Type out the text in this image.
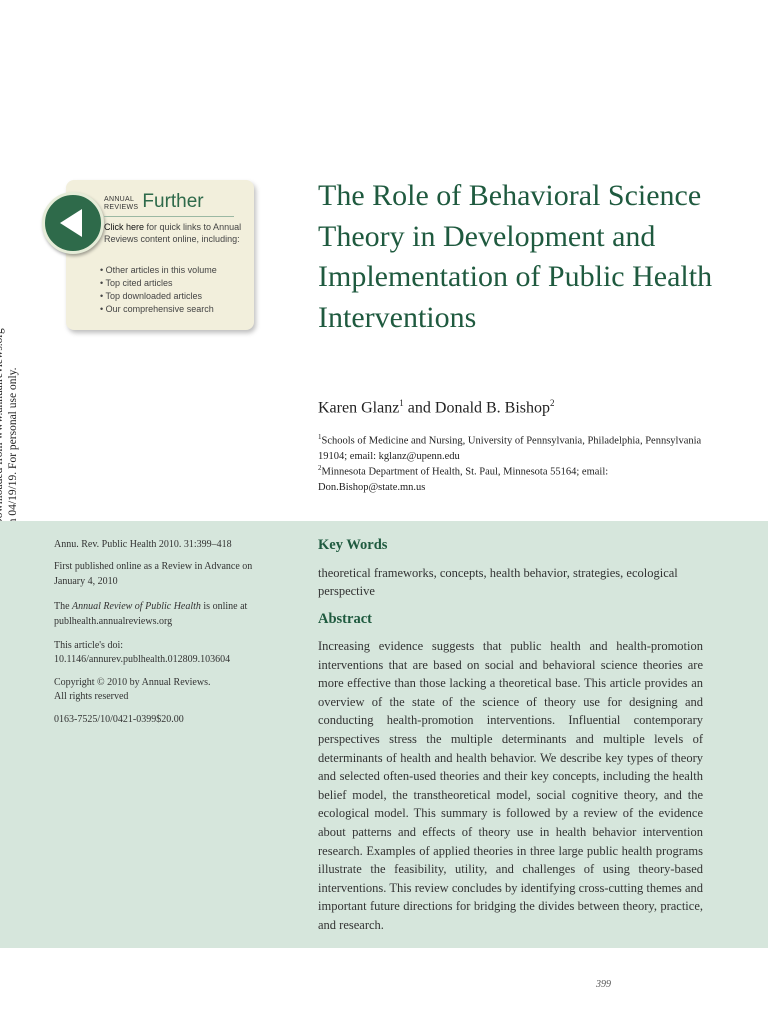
ANNUAL
REVIEWS Further
Click here for quick links to Annual Reviews content online, including:
• Other articles in this volume
• Top cited articles
• Top downloaded articles
• Our comprehensive search
The Role of Behavioral Science Theory in Development and Implementation of Public Health Interventions
Karen Glanz$^1$ and Donald B. Bishop$^2$
$^1$Schools of Medicine and Nursing, University of Pennsylvania, Philadelphia, Pennsylvania 19104; email: kglanz@upenn.edu
$^2$Minnesota Department of Health, St. Paul, Minnesota 55164; email: Don.Bishop@state.mn.us
Annu. Rev. Public Health 2010. 31:399–418
First published online as a Review in Advance on January 4, 2010
The Annual Review of Public Health is online at publhealth.annualreviews.org
This article's doi:
10.1146/annurev.publhealth.012809.103604
Copyright © 2010 by Annual Reviews.
All rights reserved
0163-7525/10/0421-0399$20.00
Key Words
theoretical frameworks, concepts, health behavior, strategies, ecological perspective
Abstract
Increasing evidence suggests that public health and health-promotion interventions that are based on social and behavioral science theories are more effective than those lacking a theoretical base. This article provides an overview of the state of the science of theory use for designing and conducting health-promotion interventions. Influential contemporary perspectives stress the multiple determinants and multiple levels of determinants of health and health behavior. We describe key types of theory and selected often-used theories and their key concepts, including the health belief model, the transtheoretical model, social cognitive theory, and the ecological model. This summary is followed by a review of the evidence about patterns and effects of theory use in health behavior intervention research. Examples of applied theories in three large public health programs illustrate the feasibility, utility, and challenges of using theory-based interventions. This review concludes by identifying cross-cutting themes and important future directions for bridging the divides between theory, practice, and research.
399
